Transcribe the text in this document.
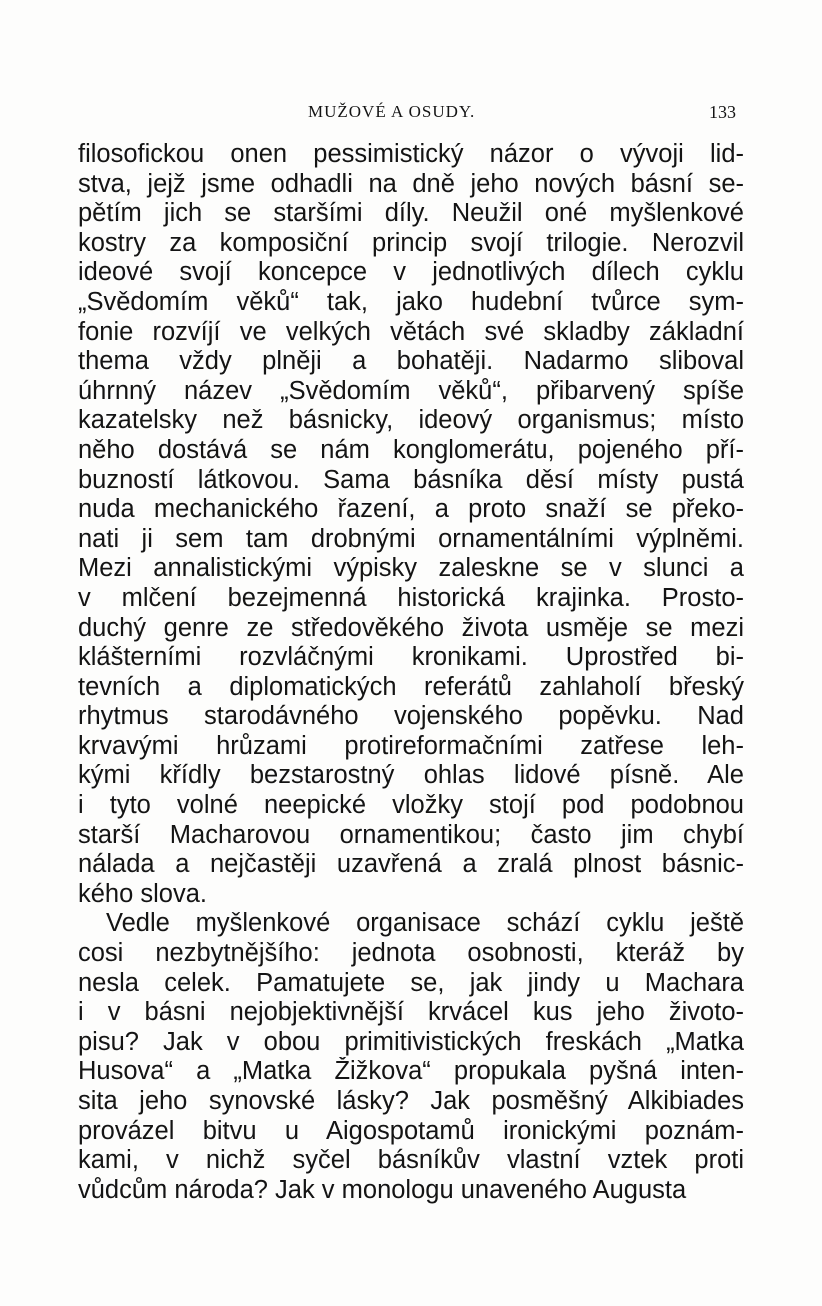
MUŽOVÉ A OSUDY.	133
filosofickou onen pessimistický názor o vývoji lid-
stva, jejž jsme odhadli na dně jeho nových básní se-
pětím jich se staršími díly. Neužil oné myšlenkové
kostry za komposiční princip svojí trilogie. Nerozvil
ideové svojí koncepce v jednotlivých dílech cyklu
„Svědomím věků“ tak, jako hudební tvůrce sym-
fonie rozvíjí ve velkých větách své skladby základní
thema vždy plněji a bohatěji. Nadarmo sliboval
úhrnný název „Svědomím věků“, přibarvený spíše
kazatelsky než básnicky, ideový organismus; místo
něho dostává se nám konglomerátu, pojeného pří-
buzností látkovou. Sama básníka děsí místy pustá
nuda mechanického řazení, a proto snaží se překo-
nati ji sem tam drobnými ornamentálními výplněmi.
Mezi annalistickými výpisky zaleskne se v slunci a
v mlčení bezejmenná historická krajinka. Prosto-
duchý genre ze středověkého života usměje se mezi
klášterními rozvláčnými kronikami. Uprostřed bi-
tevních a diplomatických referátů zahlaholí břeský
rhytmus starodávného vojenského popěvku. Nad
krvavými hrůzami protireformačními zatřese leh-
kými křídly bezstarostný ohlas lidové písně. Ale
i tyto volné neepické vložky stojí pod podobnou
starší Macharovou ornamentikou; často jim chybí
nálada a nejčastěji uzavřená a zralá plnost básnic-
kého slova.
Vedle myšlenkové organisace schází cyklu ještě
cosi nezbytnějšího: jednota osobnosti, kteráž by
nesla celek. Pamatujete se, jak jindy u Machara
i v básni nejobjektivnější krvácel kus jeho životo-
pisu? Jak v obou primitivistických freskách „Matka
Husova“ a „Matka Žižkova“ propukala pyšná inten-
sita jeho synovské lásky? Jak posměšný Alkibiades
provázel bitvu u Aigospotamů ironickými poznám-
kami, v nichž syčel básníkův vlastní vztek proti
vůdcům národa? Jak v monologu unaveného Augusta
